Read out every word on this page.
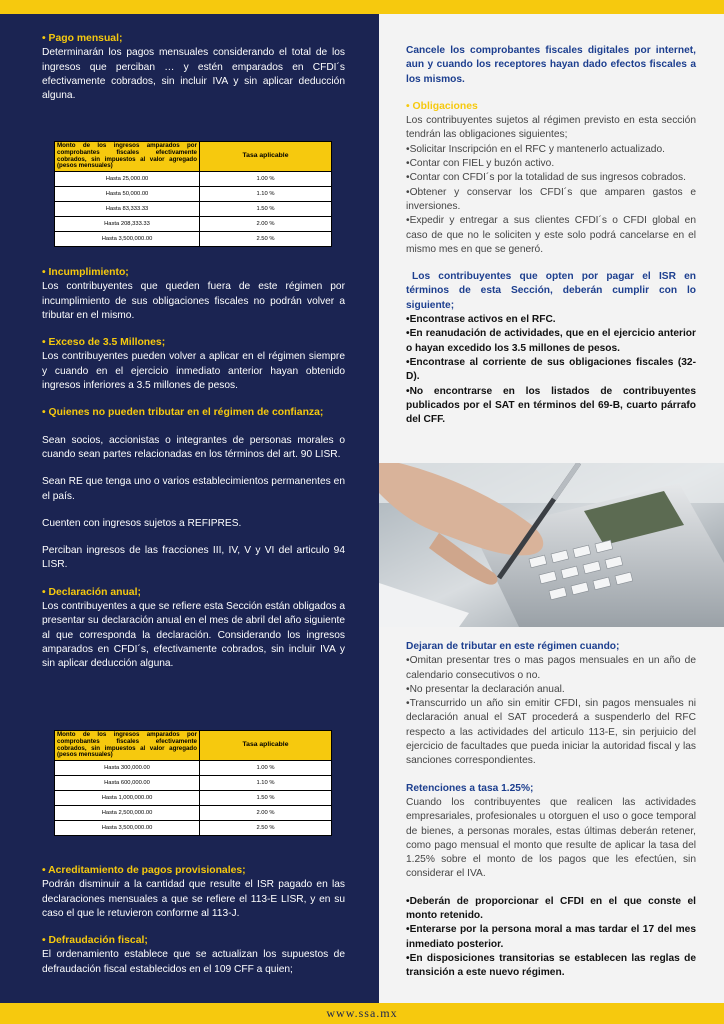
• Pago mensual;

Determinarán los pagos mensuales considerando el total de los ingresos que perciban … y estén emparados en CFDI´s efectivamente cobrados, sin incluir IVA y sin aplicar deducción alguna.

Monto de los ingresos amparados por comprobantes fiscales efectivamente cobrados, sin impuestos al valor agregado (pesos mensuales)	Tasa aplicable
Hasta 25,000.00	1.00 %
Hasta 50,000.00	1.10 %
Hasta 83,333.33	1.50 %
Hasta 208,333.33	2.00 %
Hasta 3,500,000.00	2.50 %

• Incumplimiento;

Los contribuyentes que queden fuera de este régimen por incumplimiento de sus obligaciones fiscales no podrán volver a tributar en el mismo.

• Exceso de 3.5 Millones;

Los contribuyentes pueden volver a aplicar en el régimen siempre y cuando en el ejercicio inmediato anterior hayan obtenido ingresos inferiores a 3.5 millones de pesos.

• Quienes no pueden tributar en el régimen de confianza;

Sean socios, accionistas o integrantes de personas morales o cuando sean partes relacionadas en los términos del art. 90 LISR.

Sean RE que tenga uno o varios establecimientos permanentes en el país.

Cuenten con ingresos sujetos a REFIPRES.

Perciban ingresos de las fracciones III, IV, V y VI del articulo 94 LISR.

• Declaración anual;

Los contribuyentes a que se refiere esta Sección están obligados a presentar su declaración anual en el mes de abril del año siguiente al que corresponda la declaración. Considerando los ingresos amparados en CFDI´s, efectivamente cobrados, sin incluir IVA y sin aplicar deducción alguna.

Monto de los ingresos amparados por comprobantes fiscales efectivamente cobrados, sin impuestos al valor agregado (pesos mensuales)	Tasa aplicable
Hasta 300,000.00	1.00 %
Hasta 600,000.00	1.10 %
Hasta 1,000,000.00	1.50 %
Hasta 2,500,000.00	2.00 %
Hasta 3,500,000.00	2.50 %

• Acreditamiento de pagos provisionales;

Podrán disminuir a la cantidad que resulte el ISR pagado en las declaraciones mensuales a que se refiere el 113-E LISR, y en su caso el que le retuvieron conforme al 113-J.

• Defraudación fiscal;

El ordenamiento establece que se actualizan los supuestos de defraudación fiscal establecidos en el 109 CFF a quien;

Cancele los comprobantes fiscales digitales por internet, aun y cuando los receptores hayan dado efectos fiscales a los mismos.

• Obligaciones

Los contribuyentes sujetos al régimen previsto en esta sección tendrán las obligaciones siguientes;

•Solicitar Inscripción en el RFC y mantenerlo actualizado.

•Contar con FIEL y buzón activo.

•Contar con CFDI´s por la totalidad de sus ingresos cobrados.

•Obtener y conservar los CFDI´s que amparen gastos e inversiones.

•Expedir y entregar a sus clientes CFDI´s o CFDI global en caso de que no le soliciten y este solo podrá cancelarse en el mismo mes en que se generó.

Los contribuyentes que opten por pagar el ISR en términos de esta Sección, deberán cumplir con lo siguiente;

•Encontrase activos en el RFC.

•En reanudación de actividades, que en el ejercicio anterior o hayan excedido los 3.5 millones de pesos.

•Encontrase al corriente de sus obligaciones fiscales (32-D).

•No encontrarse en los listados de contribuyentes publicados por el SAT en términos del 69-B, cuarto párrafo del CFF.

Dejaran de tributar en este régimen cuando;

•Omitan presentar tres o mas pagos mensuales en un año de calendario consecutivos o no.

•No presentar la declaración anual.

•Transcurrido un año sin emitir CFDI, sin pagos mensuales ni declaración anual el SAT procederá a suspenderlo del RFC respecto a las actividades del articulo 113-E, sin perjuicio del ejercicio de facultades que pueda iniciar la autoridad fiscal y las sanciones correspondientes.

Retenciones a tasa 1.25%;

Cuando los contribuyentes que realicen las actividades empresariales, profesionales u otorguen el uso o goce temporal de bienes, a personas morales, estas últimas deberán retener, como pago mensual el monto que resulte de aplicar la tasa del 1.25% sobre el monto de los pagos que les efectúen, sin considerar el IVA.

•Deberán de proporcionar el CFDI en el que conste el monto retenido.

•Enterarse por la persona moral a mas tardar el 17 del mes inmediato posterior.

•En disposiciones transitorias se establecen las reglas de transición a este nuevo régimen.

www.ssa.mx
